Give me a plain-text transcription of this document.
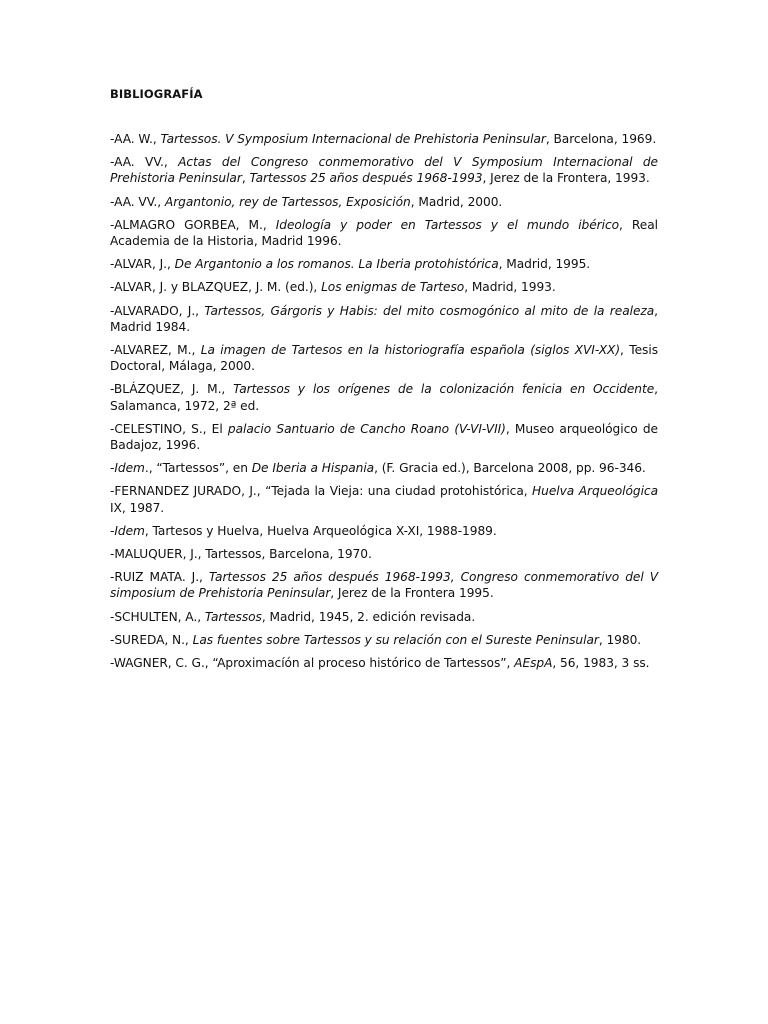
BIBLIOGRAFÍA

-AA. W., Tartessos. V Symposium Internacional de Prehistoria Peninsular, Barcelona, 1969.

-AA. VV., Actas del Congreso conmemorativo del V Symposium Internacional de Prehistoria Peninsular, Tartessos 25 años después 1968-1993, Jerez de la Frontera, 1993.

-AA. VV., Argantonio, rey de Tartessos, Exposición, Madrid, 2000.

-ALMAGRO GORBEA, M., Ideología y poder en Tartessos y el mundo ibérico, Real Academia de la Historia, Madrid 1996.

-ALVAR, J., De Argantonio a los romanos. La Iberia protohistórica, Madrid, 1995.

-ALVAR, J. y BLAZQUEZ, J. M. (ed.), Los enigmas de Tarteso, Madrid, 1993.

-ALVARADO, J., Tartessos, Gárgoris y Habis: del mito cosmogónico al mito de la realeza, Madrid 1984.

-ALVAREZ, M., La imagen de Tartesos en la historiografía española (siglos XVI-XX), Tesis Doctoral, Málaga, 2000.

-BLÁZQUEZ, J. M., Tartessos y los orígenes de la colonización fenicia en Occidente, Salamanca, 1972, 2ª ed.

-CELESTINO, S., El palacio Santuario de Cancho Roano (V-VI-VII), Museo arqueológico de Badajoz, 1996.

-Idem., “Tartessos”, en De Iberia a Hispania, (F. Gracia ed.), Barcelona 2008, pp. 96-346.

-FERNANDEZ JURADO, J., “Tejada la Vieja: una ciudad protohistórica, Huelva Arqueológica IX, 1987.

-Idem, Tartesos y Huelva, Huelva Arqueológica X-XI, 1988-1989.

-MALUQUER, J., Tartessos, Barcelona, 1970.

-RUIZ MATA. J., Tartessos 25 años después 1968-1993, Congreso conmemorativo del V simposium de Prehistoria Peninsular, Jerez de la Frontera 1995.

-SCHULTEN, A., Tartessos, Madrid, 1945, 2. edición revisada.

-SUREDA, N., Las fuentes sobre Tartessos y su relación con el Sureste Peninsular, 1980.

-WAGNER, C. G., “Aproximacíón al proceso histórico de Tartessos”, AEspA, 56, 1983, 3 ss.
